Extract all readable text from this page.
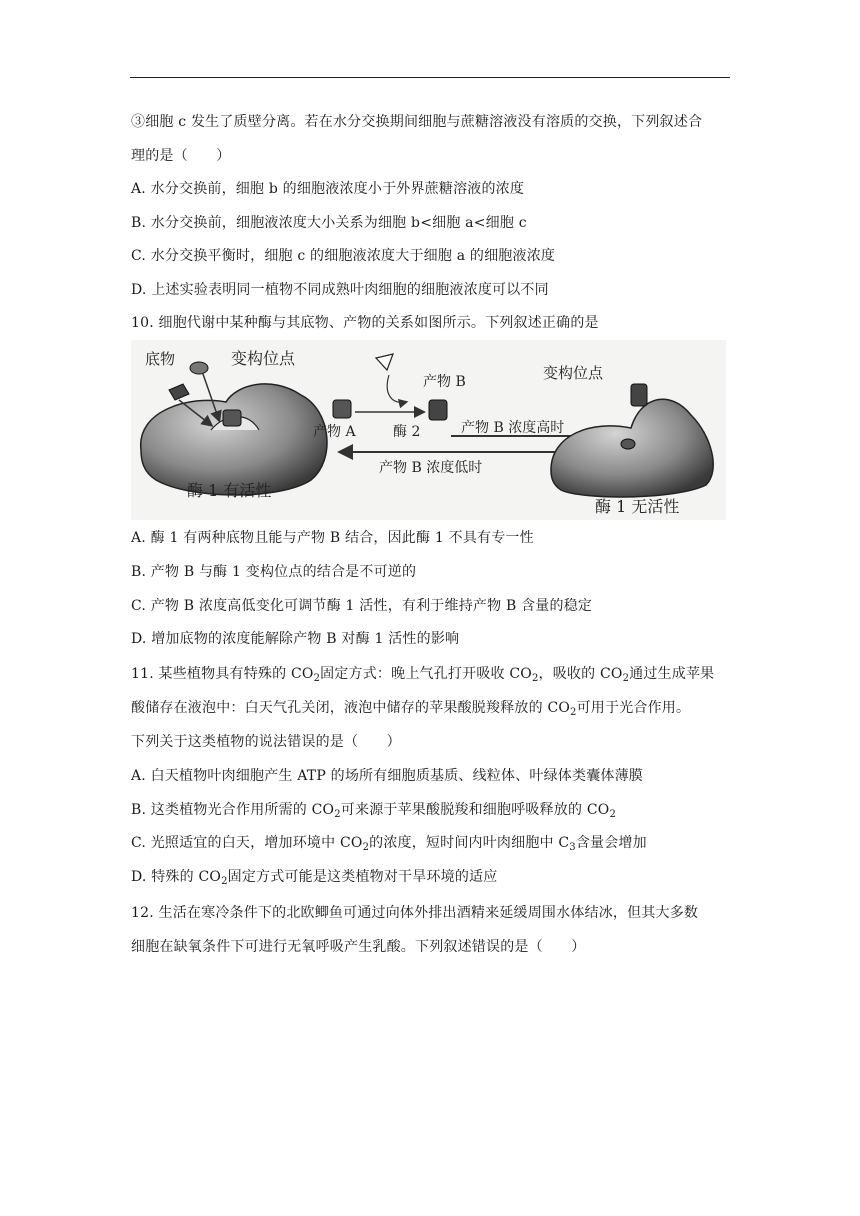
③细胞 c 发生了质壁分离。若在水分交换期间细胞与蔗糖溶液没有溶质的交换，下列叙述合
理的是（　　）
A. 水分交换前，细胞 b 的细胞液浓度小于外界蔗糖溶液的浓度
B. 水分交换前，细胞液浓度大小关系为细胞 b<细胞 a<细胞 c
C. 水分交换平衡时，细胞 c 的细胞液浓度大于细胞 a 的细胞液浓度
D. 上述实验表明同一植物不同成熟叶肉细胞的细胞液浓度可以不同
10. 细胞代谢中某种酶与其底物、产物的关系如图所示。下列叙述正确的是
底物	变构位点
产物 A	酶 2
产物 B	变构位点
产物 B 浓度高时
产物 B 浓度低时
酶 1 有活性
酶 1 无活性
A. 酶 1 有两种底物且能与产物 B 结合，因此酶 1 不具有专一性
B. 产物 B 与酶 1 变构位点的结合是不可逆的
C. 产物 B 浓度高低变化可调节酶 1 活性，有利于维持产物 B 含量的稳定
D. 增加底物的浓度能解除产物 B 对酶 1 活性的影响
11. 某些植物具有特殊的 $CO_2$固定方式：晚上气孔打开吸收 $CO_2$，吸收的 $CO_2$通过生成苹果
酸储存在液泡中：白天气孔关闭，液泡中储存的苹果酸脱羧释放的 $CO_2$可用于光合作用。
下列关于这类植物的说法错误的是（　　）
A. 白天植物叶肉细胞产生 ATP 的场所有细胞质基质、线粒体、叶绿体类囊体薄膜
B. 这类植物光合作用所需的 $CO_2$可来源于苹果酸脱羧和细胞呼吸释放的 $CO_2$
C. 光照适宜的白天，增加环境中 $CO_2$的浓度，短时间内叶肉细胞中 $C_3$含量会增加
D. 特殊的 $CO_2$固定方式可能是这类植物对干旱环境的适应
12. 生活在寒冷条件下的北欧鲫鱼可通过向体外排出酒精来延缓周围水体结冰，但其大多数
细胞在缺氧条件下可进行无氧呼吸产生乳酸。下列叙述错误的是（　　）
